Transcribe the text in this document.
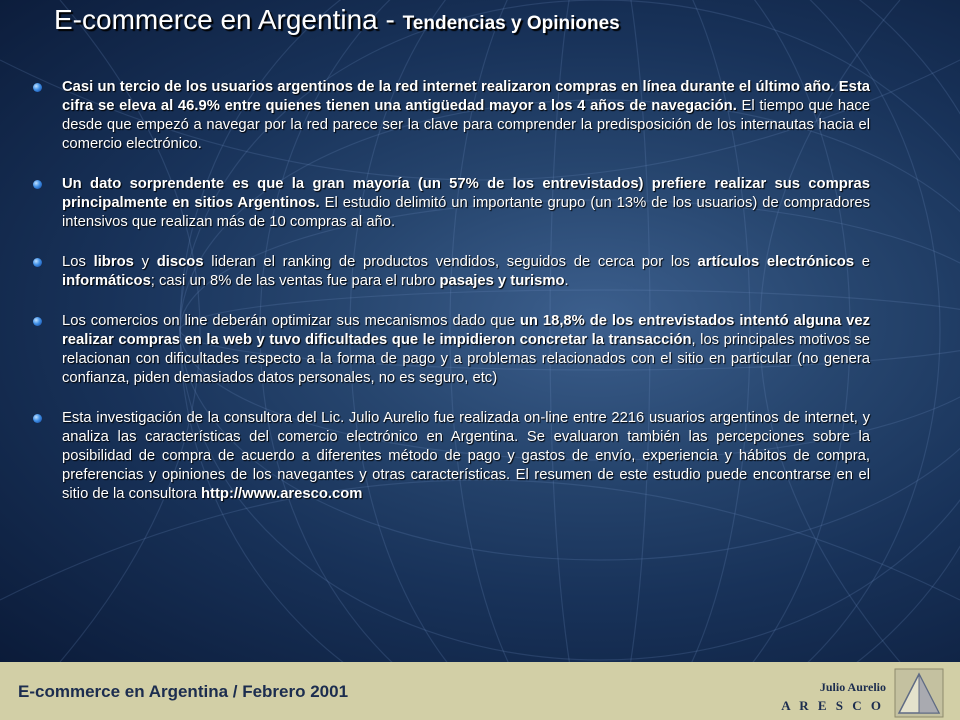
E-commerce en Argentina - Tendencias y Opiniones
Casi un tercio de los usuarios argentinos de la red internet realizaron compras en línea durante el último año. Esta cifra se eleva al 46.9% entre quienes tienen una antigüedad mayor a los 4 años de navegación. El tiempo que hace desde que empezó a navegar por la red parece ser la clave para comprender la predisposición de los internautas hacia el comercio electrónico.
Un dato sorprendente es que la gran mayoría (un 57% de los entrevistados) prefiere realizar sus compras principalmente en sitios Argentinos. El estudio delimitó un importante grupo (un 13% de los usuarios) de compradores intensivos que realizan más de 10 compras al año.
Los libros y discos lideran el ranking de productos vendidos, seguidos de cerca por los artículos electrónicos e informáticos; casi un 8% de las ventas fue para el rubro pasajes y turismo.
Los comercios on line deberán optimizar sus mecanismos dado que un 18,8% de los entrevistados intentó alguna vez realizar compras en la web y tuvo dificultades que le impidieron concretar la transacción, los principales motivos se relacionan con dificultades respecto a la forma de pago y a problemas relacionados con el sitio en particular (no genera confianza, piden demasiados datos personales, no es seguro, etc)
Esta investigación de la consultora del Lic. Julio Aurelio fue realizada on-line entre 2216 usuarios argentinos de internet, y analiza las características del comercio electrónico en Argentina. Se evaluaron también las percepciones sobre la posibilidad de compra de acuerdo a diferentes método de pago y gastos de envío, experiencia y hábitos de compra, preferencias y opiniones de los navegantes y otras características. El resumen de este estudio puede encontrarse en el sitio de la consultora http://www.aresco.com
E-commerce en Argentina / Febrero 2001	Julio Aurelio
A R E S C O
